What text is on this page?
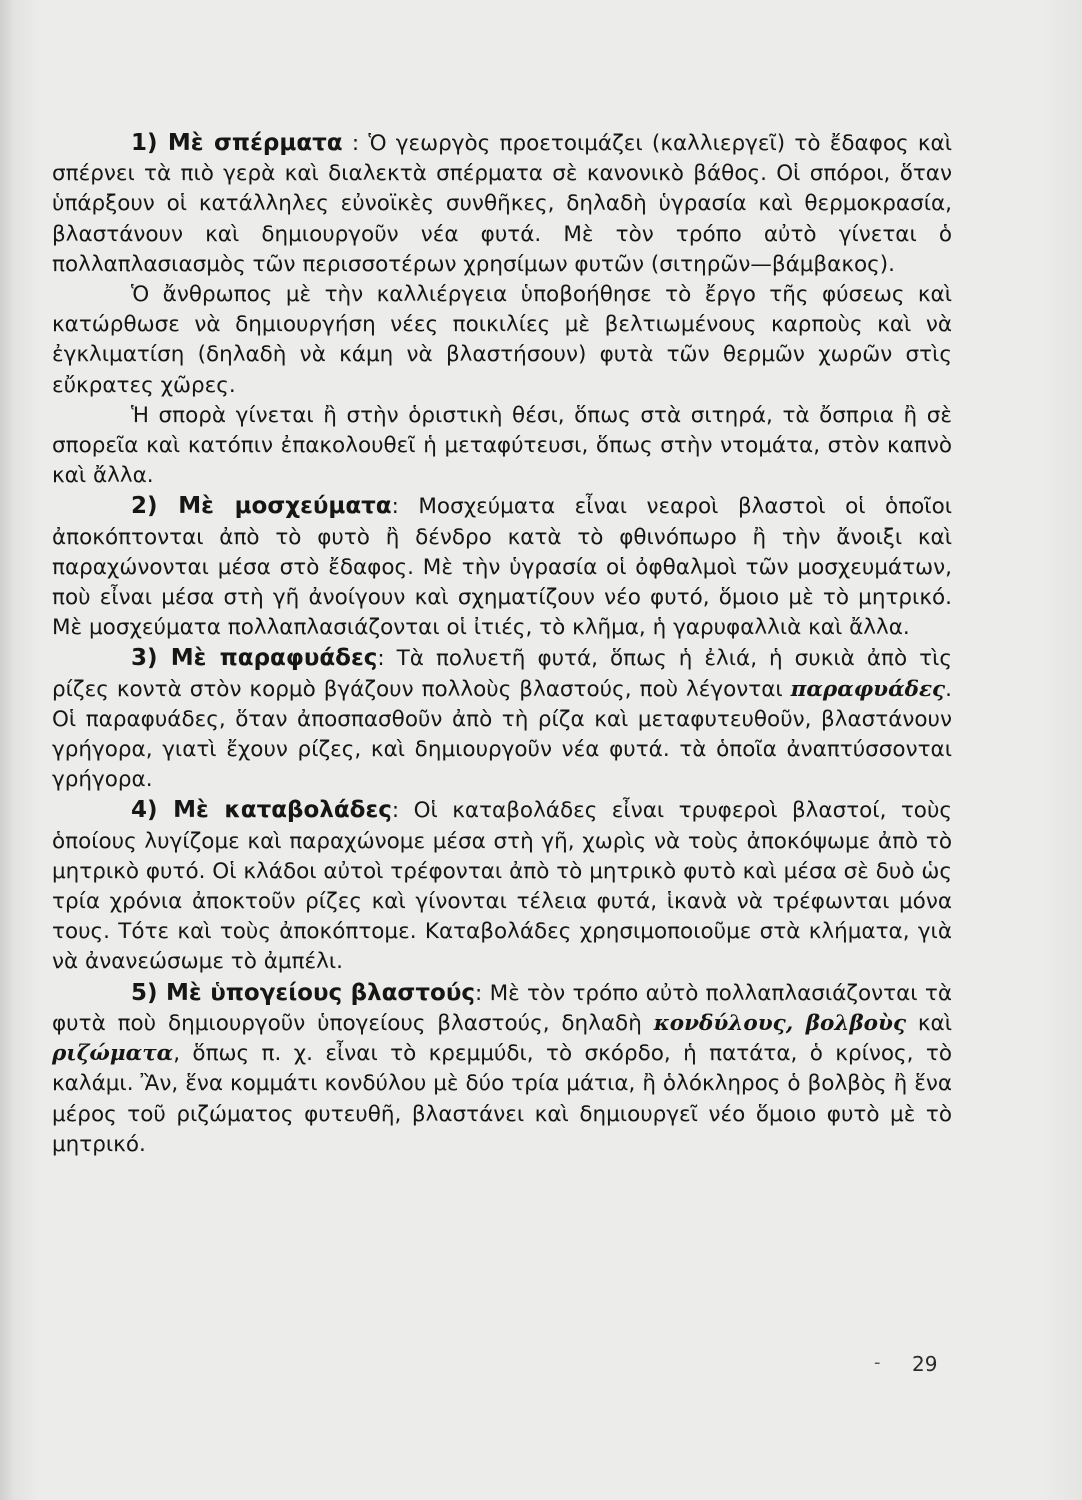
1) Μὲ σπέρματα : Ὁ γεωργὸς προετοιμάζει (καλλιεργεῖ) τὸ ἔδαφος καὶ σπέρνει τὰ πιὸ γερὰ καὶ διαλεκτὰ σπέρματα σὲ κανονικὸ βάθος. Οἱ σπόροι, ὅταν ὑπάρξουν οἱ κατάλληλες εὐνοϊκὲς συνθῆκες, δηλαδὴ ὑγρασία καὶ θερμοκρασία, βλαστάνουν καὶ δημιουργοῦν νέα φυτά. Μὲ τὸν τρόπο αὐτὸ γίνεται ὁ πολλαπλασιασμὸς τῶν περισσοτέρων χρησίμων φυτῶν (σιτηρῶν—βάμβακος).

Ὁ ἄνθρωπος μὲ τὴν καλλιέργεια ὑποβοήθησε τὸ ἔργο τῆς φύσεως καὶ κατώρθωσε νὰ δημιουργήση νέες ποικιλίες μὲ βελτιωμένους καρποὺς καὶ νὰ ἐγκλιματίση (δηλαδὴ νὰ κάμη νὰ βλαστήσουν) φυτὰ τῶν θερμῶν χωρῶν στὶς εὔκρατες χῶρες.

Ἡ σπορὰ γίνεται ἢ στὴν ὁριστικὴ θέσι, ὅπως στὰ σιτηρά, τὰ ὄσπρια ἢ σὲ σπορεῖα καὶ κατόπιν ἐπακολουθεῖ ἡ μεταφύτευσι, ὅπως στὴν ντομάτα, στὸν καπνὸ καὶ ἄλλα.

2) Μὲ μοσχεύματα: Μοσχεύματα εἶναι νεαροὶ βλαστοὶ οἱ ὁποῖοι ἀποκόπτονται ἀπὸ τὸ φυτὸ ἢ δένδρο κατὰ τὸ φθινόπωρο ἢ τὴν ἄνοιξι καὶ παραχώνονται μέσα στὸ ἔδαφος. Μὲ τὴν ὑγρασία οἱ ὀφθαλμοὶ τῶν μοσχευμάτων, ποὺ εἶναι μέσα στὴ γῆ ἀνοίγουν καὶ σχηματίζουν νέο φυτό, ὅμοιο μὲ τὸ μητρικό. Μὲ μοσχεύματα πολλαπλασιάζονται οἱ ἰτιές, τὸ κλῆμα, ἡ γαρυφαλλιὰ καὶ ἄλλα.

3) Μὲ παραφυάδες: Τὰ πολυετῆ φυτά, ὅπως ἡ ἐλιά, ἡ συκιὰ ἀπὸ τὶς ρίζες κοντὰ στὸν κορμὸ βγάζουν πολλοὺς βλαστούς, ποὺ λέγονται παραφυάδες. Οἱ παραφυάδες, ὅταν ἀποσπασθοῦν ἀπὸ τὴ ρίζα καὶ μεταφυτευθοῦν, βλαστάνουν γρήγορα, γιατὶ ἔχουν ρίζες, καὶ δημιουργοῦν νέα φυτά. τὰ ὁποῖα ἀναπτύσσονται γρήγορα.

4) Μὲ καταβολάδες: Οἱ καταβολάδες εἶναι τρυφεροὶ βλαστοί, τοὺς ὁποίους λυγίζομε καὶ παραχώνομε μέσα στὴ γῆ, χωρὶς νὰ τοὺς ἀποκόψωμε ἀπὸ τὸ μητρικὸ φυτό. Οἱ κλάδοι αὐτοὶ τρέφονται ἀπὸ τὸ μητρικὸ φυτὸ καὶ μέσα σὲ δυὸ ὡς τρία χρόνια ἀποκτοῦν ρίζες καὶ γίνονται τέλεια φυτά, ἱκανὰ νὰ τρέφωνται μόνα τους. Τότε καὶ τοὺς ἀποκόπτομε. Καταβολάδες χρησιμοποιοῦμε στὰ κλήματα, γιὰ νὰ ἀνανεώσωμε τὸ ἀμπέλι.

5) Μὲ ὑπογείους βλαστούς: Μὲ τὸν τρόπο αὐτὸ πολλαπλασιάζονται τὰ φυτὰ ποὺ δημιουργοῦν ὑπογείους βλαστούς, δηλαδὴ κονδύλους, βολβοὺς καὶ ριζώματα, ὅπως π. χ. εἶναι τὸ κρεμμύδι, τὸ σκόρδο, ἡ πατάτα, ὁ κρίνος, τὸ καλάμι. Ἂν, ἕνα κομμάτι κονδύλου μὲ δύο τρία μάτια, ἢ ὁλόκληρος ὁ βολβὸς ἢ ἕνα μέρος τοῦ ριζώματος φυτευθῆ, βλαστάνει καὶ δημιουργεῖ νέο ὅμοιο φυτὸ μὲ τὸ μητρικό.

- 29
